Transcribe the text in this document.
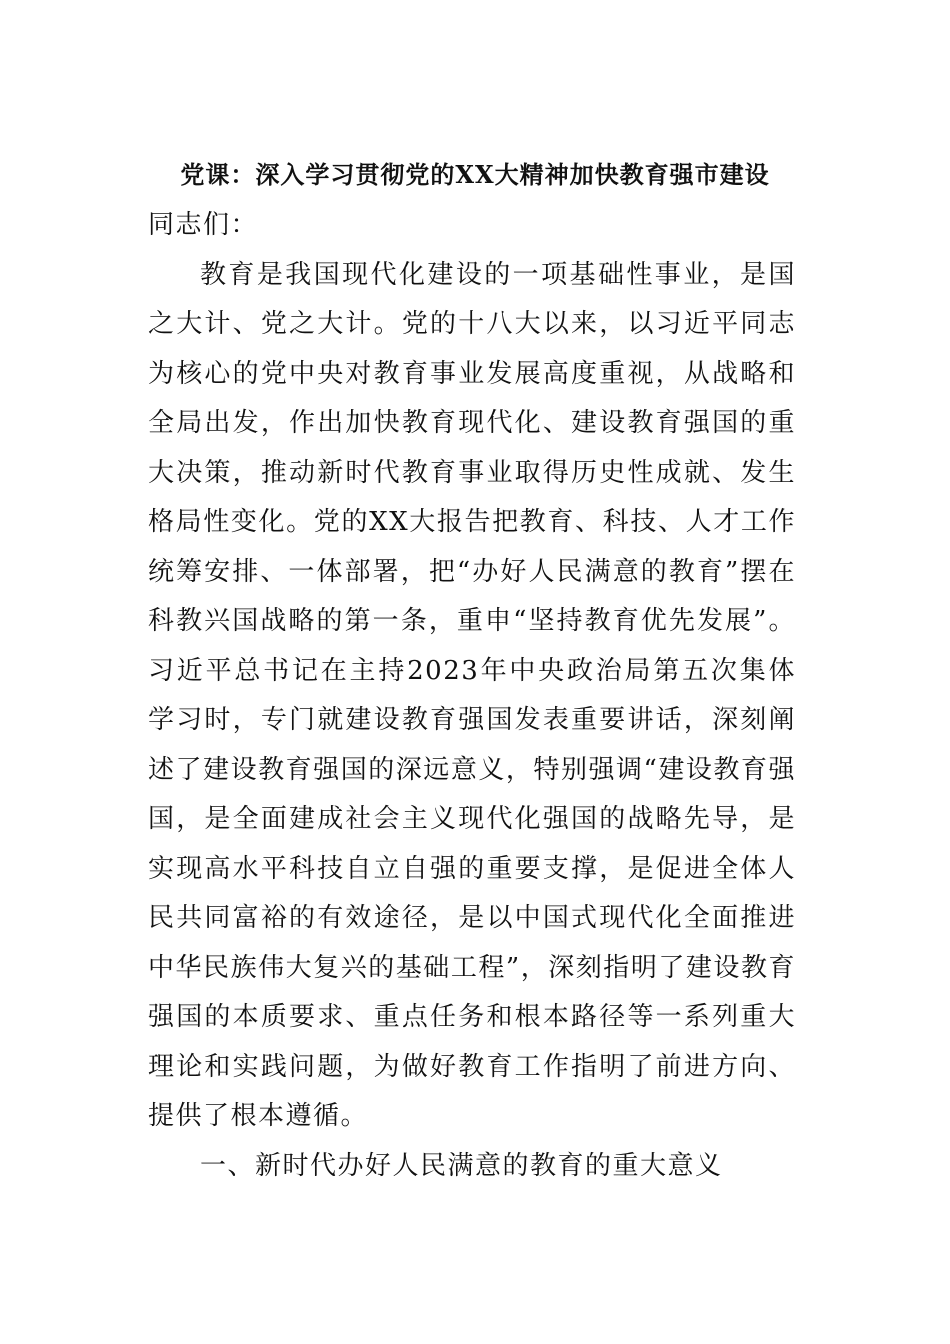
党课：深入学习贯彻党的XX大精神加快教育强市建设

同志们：

教育是我国现代化建设的一项基础性事业，是国之大计、党之大计。党的十八大以来，以习近平同志为核心的党中央对教育事业发展高度重视，从战略和全局出发，作出加快教育现代化、建设教育强国的重大决策，推动新时代教育事业取得历史性成就、发生格局性变化。党的XX大报告把教育、科技、人才工作统筹安排、一体部署，把“办好人民满意的教育”摆在科教兴国战略的第一条，重申“坚持教育优先发展”。习近平总书记在主持2023年中央政治局第五次集体学习时，专门就建设教育强国发表重要讲话，深刻阐述了建设教育强国的深远意义，特别强调“建设教育强国，是全面建成社会主义现代化强国的战略先导，是实现高水平科技自立自强的重要支撑，是促进全体人民共同富裕的有效途径，是以中国式现代化全面推进中华民族伟大复兴的基础工程”，深刻指明了建设教育强国的本质要求、重点任务和根本路径等一系列重大理论和实践问题，为做好教育工作指明了前进方向、提供了根本遵循。

一、新时代办好人民满意的教育的重大意义
